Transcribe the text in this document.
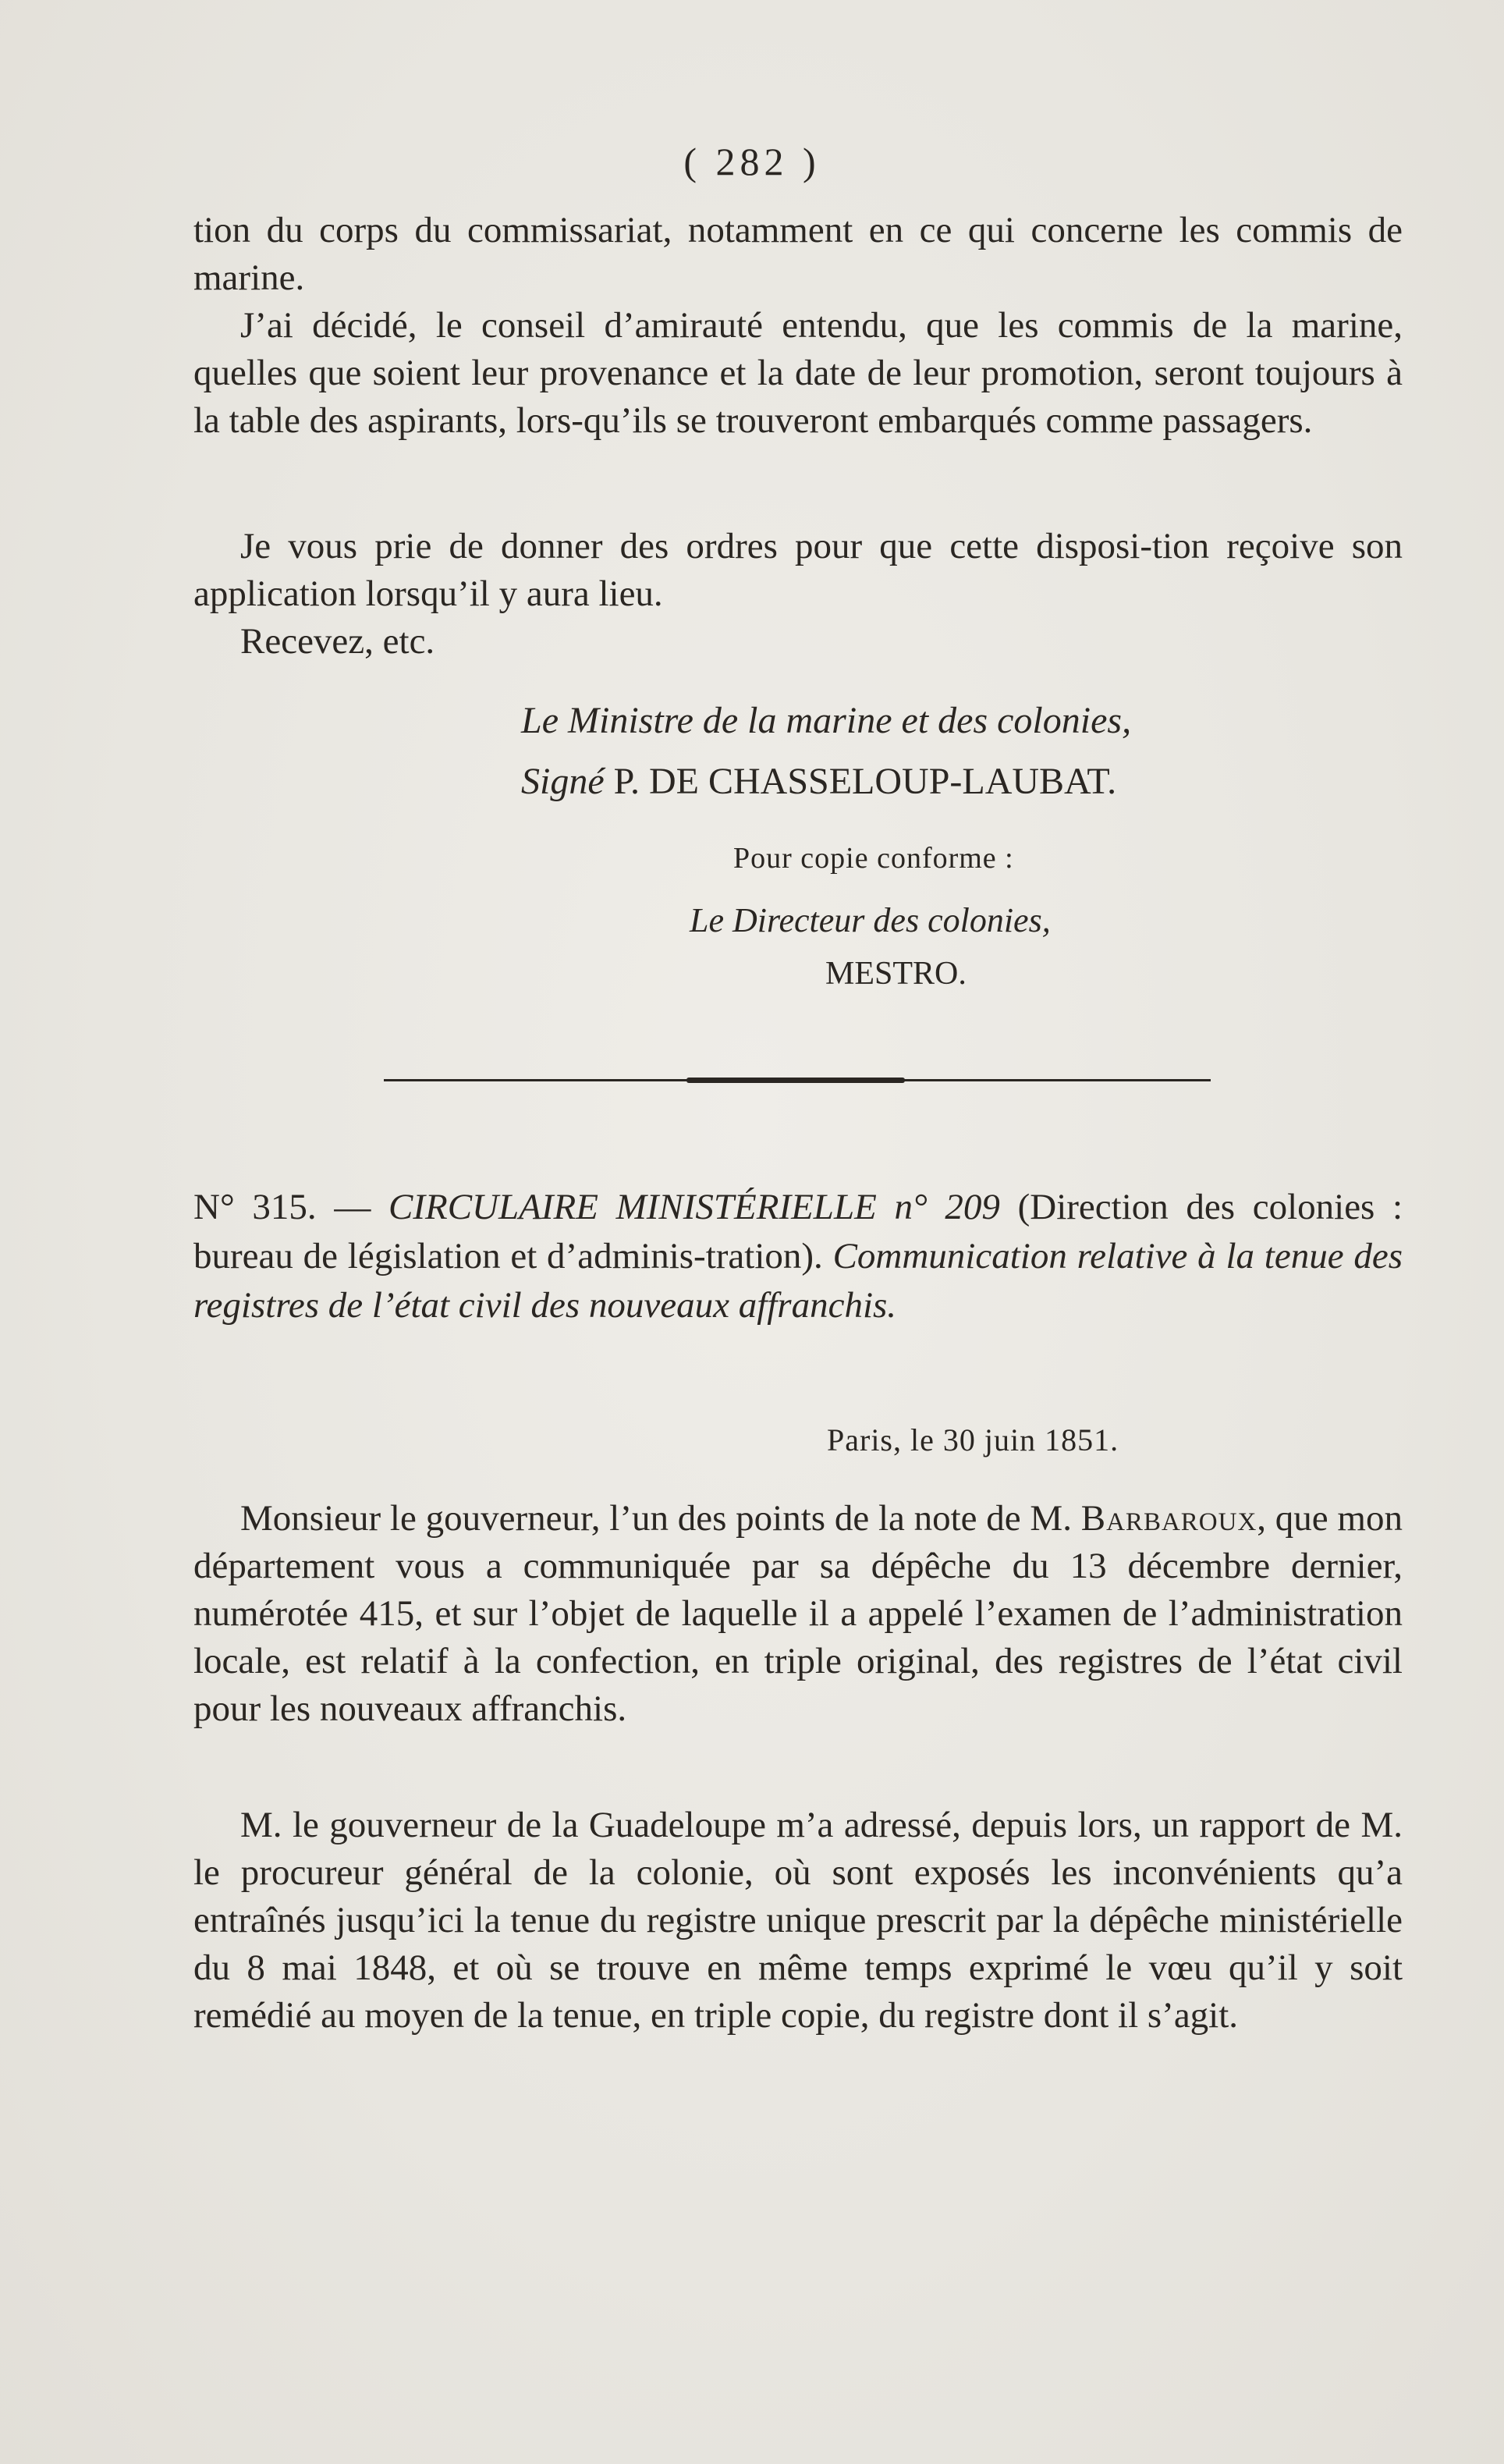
( 282 )

tion du corps du commissariat, notamment en ce qui concerne les commis de marine.

J’ai décidé, le conseil d’amirauté entendu, que les commis de la marine, quelles que soient leur provenance et la date de leur promotion, seront toujours à la table des aspirants, lors-qu’ils se trouveront embarqués comme passagers.

Je vous prie de donner des ordres pour que cette disposi-tion reçoive son application lorsqu’il y aura lieu.

Recevez, etc.

Le Ministre de la marine et des colonies,
Signé P. DE CHASSELOUP-LAUBAT.
Pour copie conforme :
Le Directeur des colonies,
MESTRO.

N° 315. — CIRCULAIRE MINISTÉRIELLE n° 209 (Direction des colonies : bureau de législation et d’adminis-tration). Communication relative à la tenue des registres de l’état civil des nouveaux affranchis.

Paris, le 30 juin 1851.

Monsieur le gouverneur, l’un des points de la note de M. Barbaroux, que mon département vous a communiquée par sa dépêche du 13 décembre dernier, numérotée 415, et sur l’objet de laquelle il a appelé l’examen de l’administration locale, est relatif à la confection, en triple original, des registres de l’état civil pour les nouveaux affranchis.

M. le gouverneur de la Guadeloupe m’a adressé, depuis lors, un rapport de M. le procureur général de la colonie, où sont exposés les inconvénients qu’a entraînés jusqu’ici la tenue du registre unique prescrit par la dépêche ministérielle du 8 mai 1848, et où se trouve en même temps exprimé le vœu qu’il y soit remédié au moyen de la tenue, en triple copie, du registre dont il s’agit.
